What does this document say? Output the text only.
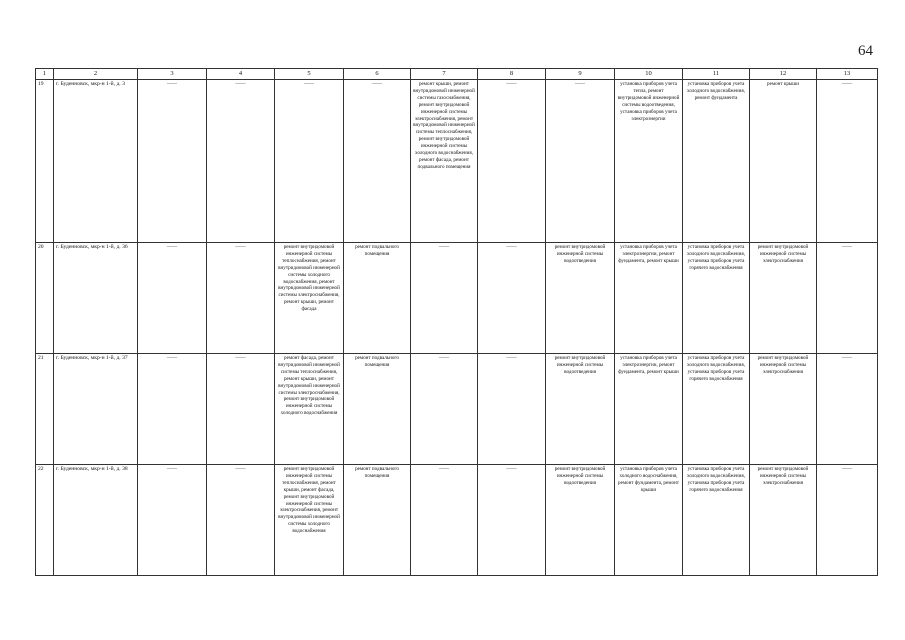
64
1	2	3	4	5	6	7	8	9	10	11	12	13
19	г. Буденновск, мкр-н 1-й, д. 3	——	——	——	——	ремонт крыши, ремонт внутридомовой инженерной системы газоснабжения, ремонт внутридомовой инженерной системы электроснабжения, ремонт внутридомовой инженерной системы теплоснабжения, ремонт внутридомовой инженерной системы холодного водоснабжения, ремонт фасада, ремонт подвального помещения	——	——	установка приборов учета тепла, ремонт внутридомовой инженерной системы водоотведения, установка приборов учета электроэнергии	установка приборов учета холодного водоснабжения, ремонт фундамента	ремонт крыши	——
20	г. Буденновск, мкр-н 1-й, д. 36	——	——	ремонт внутридомовой инженерной системы теплоснабжения, ремонт внутридомовой инженерной системы холодного водоснабжения, ремонт внутридомовой инженерной системы электроснабжения, ремонт крыши, ремонт фасада	ремонт подвального помещения	——	——	ремонт внутридомовой инженерной системы водоотведения	установка приборов учета электроэнергии, ремонт фундамента, ремонт крыши	установка приборов учета холодного водоснабжения, установка приборов учета горячего водоснабжения	ремонт внутридомовой инженерной системы электроснабжения	——
21	г. Буденновск, мкр-н 1-й, д. 37	——	——	ремонт фасада, ремонт внутридомовой инженерной системы теплоснабжения, ремонт крыши, ремонт внутридомовой инженерной системы электроснабжения, ремонт внутридомовой инженерной системы холодного водоснабжения	ремонт подвального помещения	——	——	ремонт внутридомовой инженерной системы водоотведения	установка приборов учета электроэнергии, ремонт фундамента, ремонт крыши	установка приборов учета холодного водоснабжения, установка приборов учета горячего водоснабжения	ремонт внутридомовой инженерной системы электроснабжения	——
22	г. Буденновск, мкр-н 1-й, д. 38	——	——	ремонт внутридомовой инженерной системы теплоснабжения, ремонт крыши, ремонт фасада, ремонт внутридомовой инженерной системы электроснабжения, ремонт внутридомовой инженерной системы холодного водоснабжения	ремонт подвального помещения	——	——	ремонт внутридомовой инженерной системы водоотведения	установка приборов учета холодного водоснабжения, ремонт фундамента, ремонт крыши	установка приборов учета холодного водоснабжения, установка приборов учета горячего водоснабжения	ремонт внутридомовой инженерной системы электроснабжения	——
